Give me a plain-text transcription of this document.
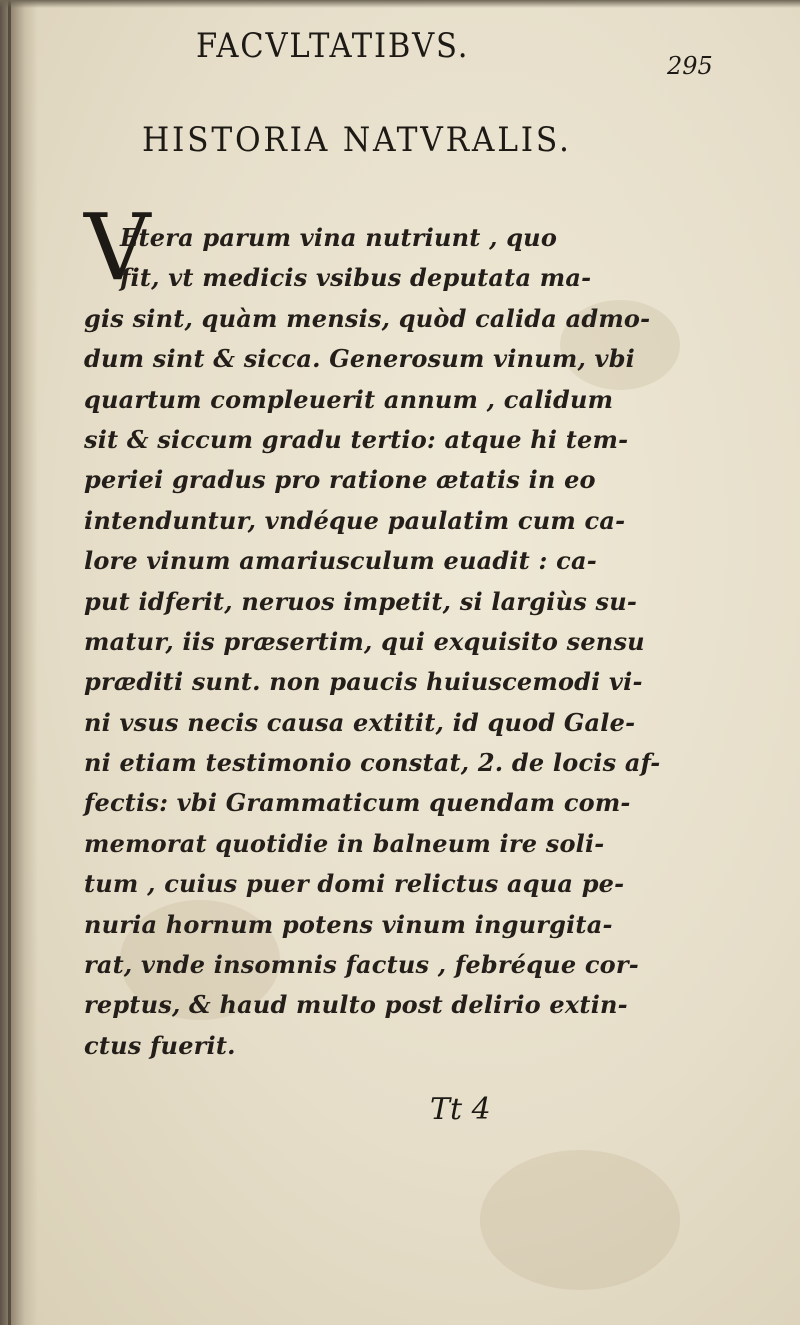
FACVLTATIBVS.	295
HISTORIA NATVRALIS.
V
Etera parum vina nutriunt , quo
fit, vt medicis vsibus deputata ma-
gis sint, quàm mensis, quòd calida admo-
dum sint & sicca. Generosum vinum, vbi
quartum compleuerit annum , calidum
sit & siccum gradu tertio: atque hi tem-
periei gradus pro ratione ætatis in eo
intenduntur, vndéque paulatim cum ca-
lore vinum amariusculum euadit : ca-
put idferit, neruos impetit, si largiùs su-
matur, iis præsertim, qui exquisito sensu
præditi sunt. non paucis huiuscemodi vi-
ni vsus necis causa extitit, id quod Gale-
ni etiam testimonio constat, 2. de locis af-
fectis: vbi Grammaticum quendam com-
memorat quotidie in balneum ire soli-
tum , cuius puer domi relictus aqua pe-
nuria hornum potens vinum ingurgita-
rat, vnde insomnis factus , febréque cor-
reptus, & haud multo post delirio extin-
ctus fuerit.
Tt 4
